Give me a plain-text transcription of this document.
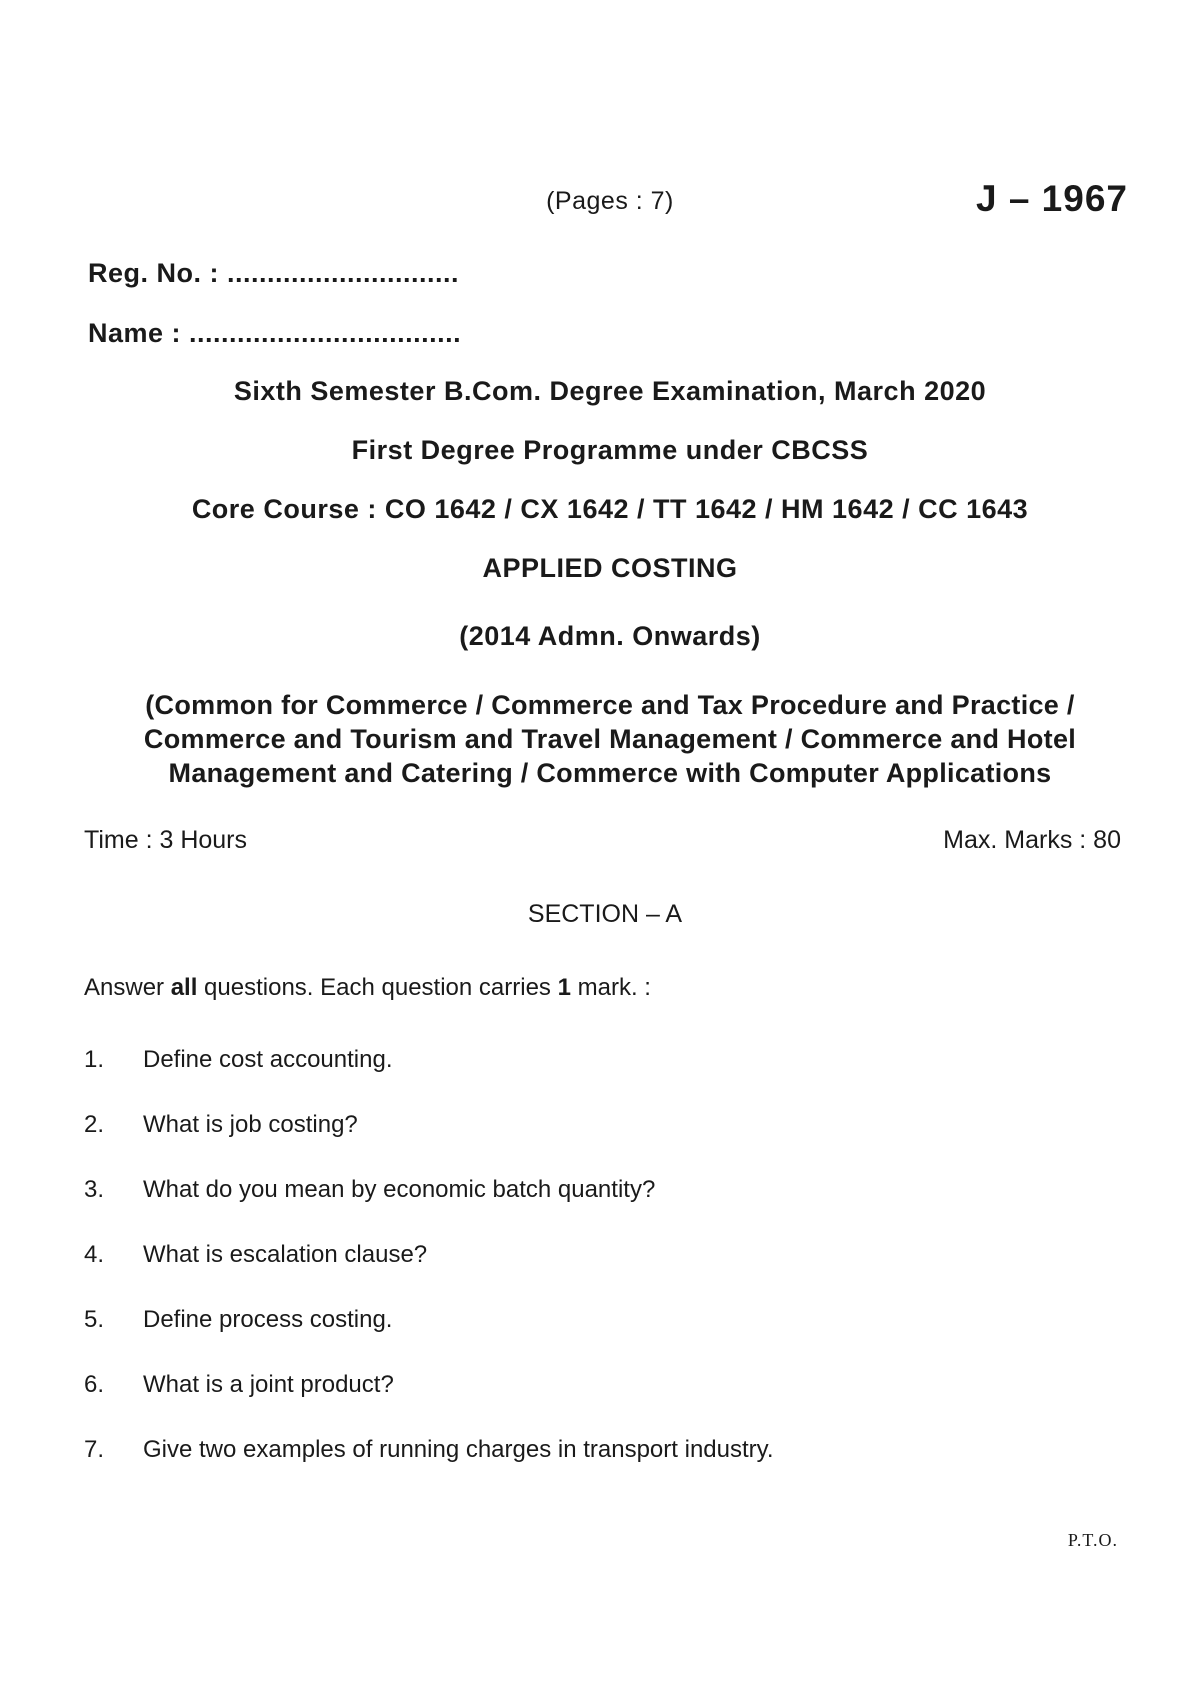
(Pages : 7)	J – 1967
Reg. No. : .............................
Name : ..................................
Sixth Semester B.Com. Degree Examination, March 2020
First Degree Programme under CBCSS
Core Course : CO 1642 / CX 1642 / TT 1642 / HM 1642 / CC 1643
APPLIED COSTING
(2014 Admn. Onwards)
(Common for Commerce / Commerce and Tax Procedure and Practice /
Commerce and Tourism and Travel Management / Commerce and Hotel
Management and Catering / Commerce with Computer Applications
Time : 3 Hours	Max. Marks : 80
SECTION – A
Answer all questions. Each question carries 1 mark. :
1.	Define cost accounting.
2.	What is job costing?
3.	What do you mean by economic batch quantity?
4.	What is escalation clause?
5.	Define process costing.
6.	What is a joint product?
7.	Give two examples of running charges in transport industry.
P.T.O.
